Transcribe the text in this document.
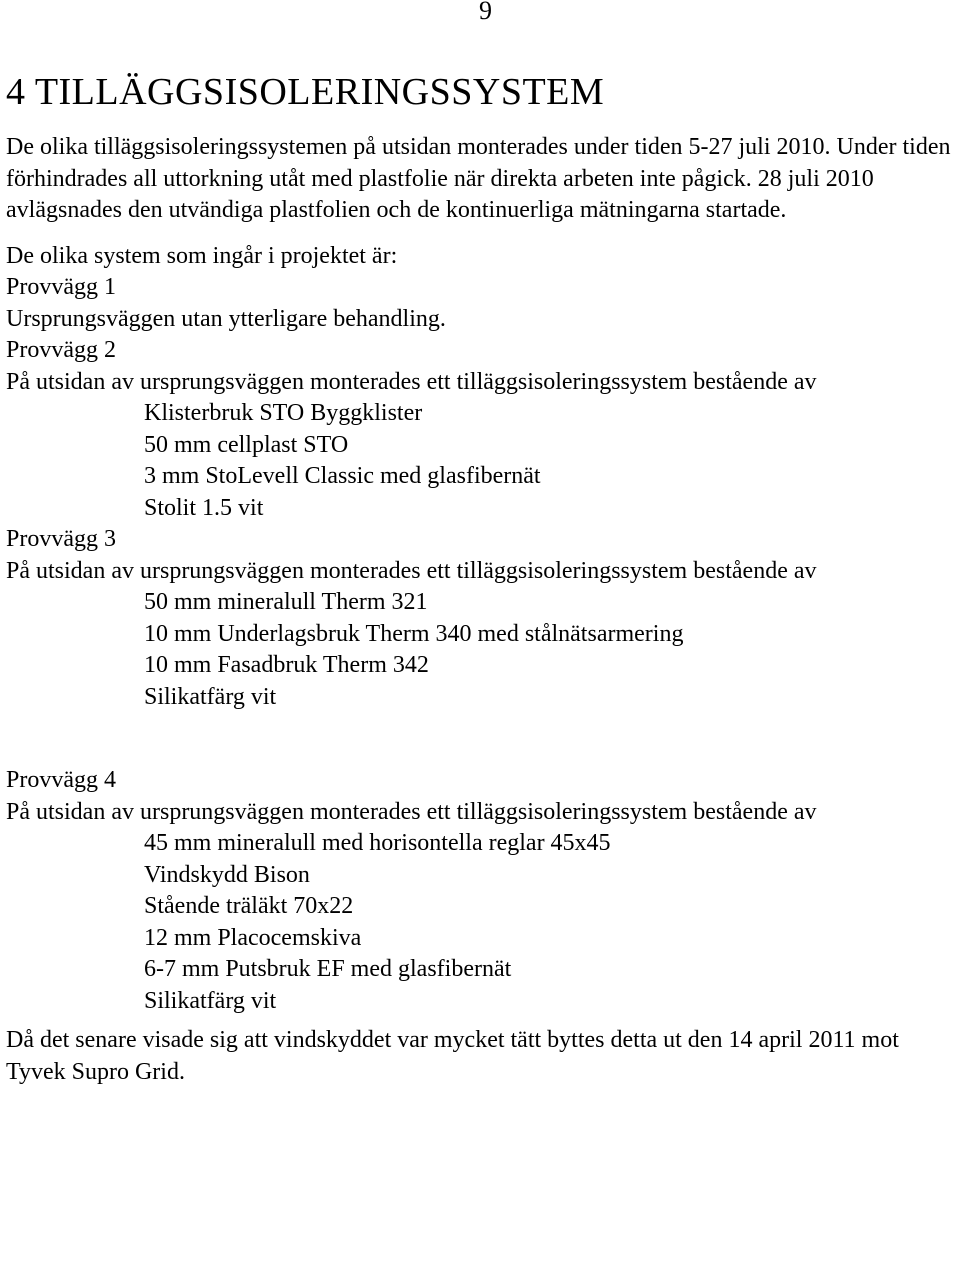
9
4 TILLÄGGSISOLERINGSSYSTEM

De olika tilläggsisoleringssystemen på utsidan monterades under tiden 5-27 juli 2010. Under tiden förhindrades all uttorkning utåt med plastfolie när direkta arbeten inte pågick. 28 juli 2010 avlägsnades den utvändiga plastfolien och de kontinuerliga mätningarna startade.

De olika system som ingår i projektet är:

Provvägg 1

Ursprungsväggen utan ytterligare behandling.

Provvägg 2

På utsidan av ursprungsväggen monterades ett tilläggsisoleringssystem bestående av

Klisterbruk STO Byggklister
50 mm cellplast STO
3 mm StoLevell Classic med glasfibernät
Stolit 1.5 vit

Provvägg 3

På utsidan av ursprungsväggen monterades ett tilläggsisoleringssystem bestående av

50 mm mineralull Therm 321
10 mm Underlagsbruk Therm 340 med stålnätsarmering
10 mm Fasadbruk Therm 342
Silikatfärg vit

Provvägg 4

På utsidan av ursprungsväggen monterades ett tilläggsisoleringssystem bestående av

45 mm mineralull med horisontella reglar 45x45
Vindskydd Bison
Stående träläkt 70x22
12 mm Placocemskiva
6-7 mm Putsbruk EF med glasfibernät
Silikatfärg vit

Då det senare visade sig att vindskyddet var mycket tätt byttes detta ut den 14 april 2011 mot Tyvek Supro Grid.
